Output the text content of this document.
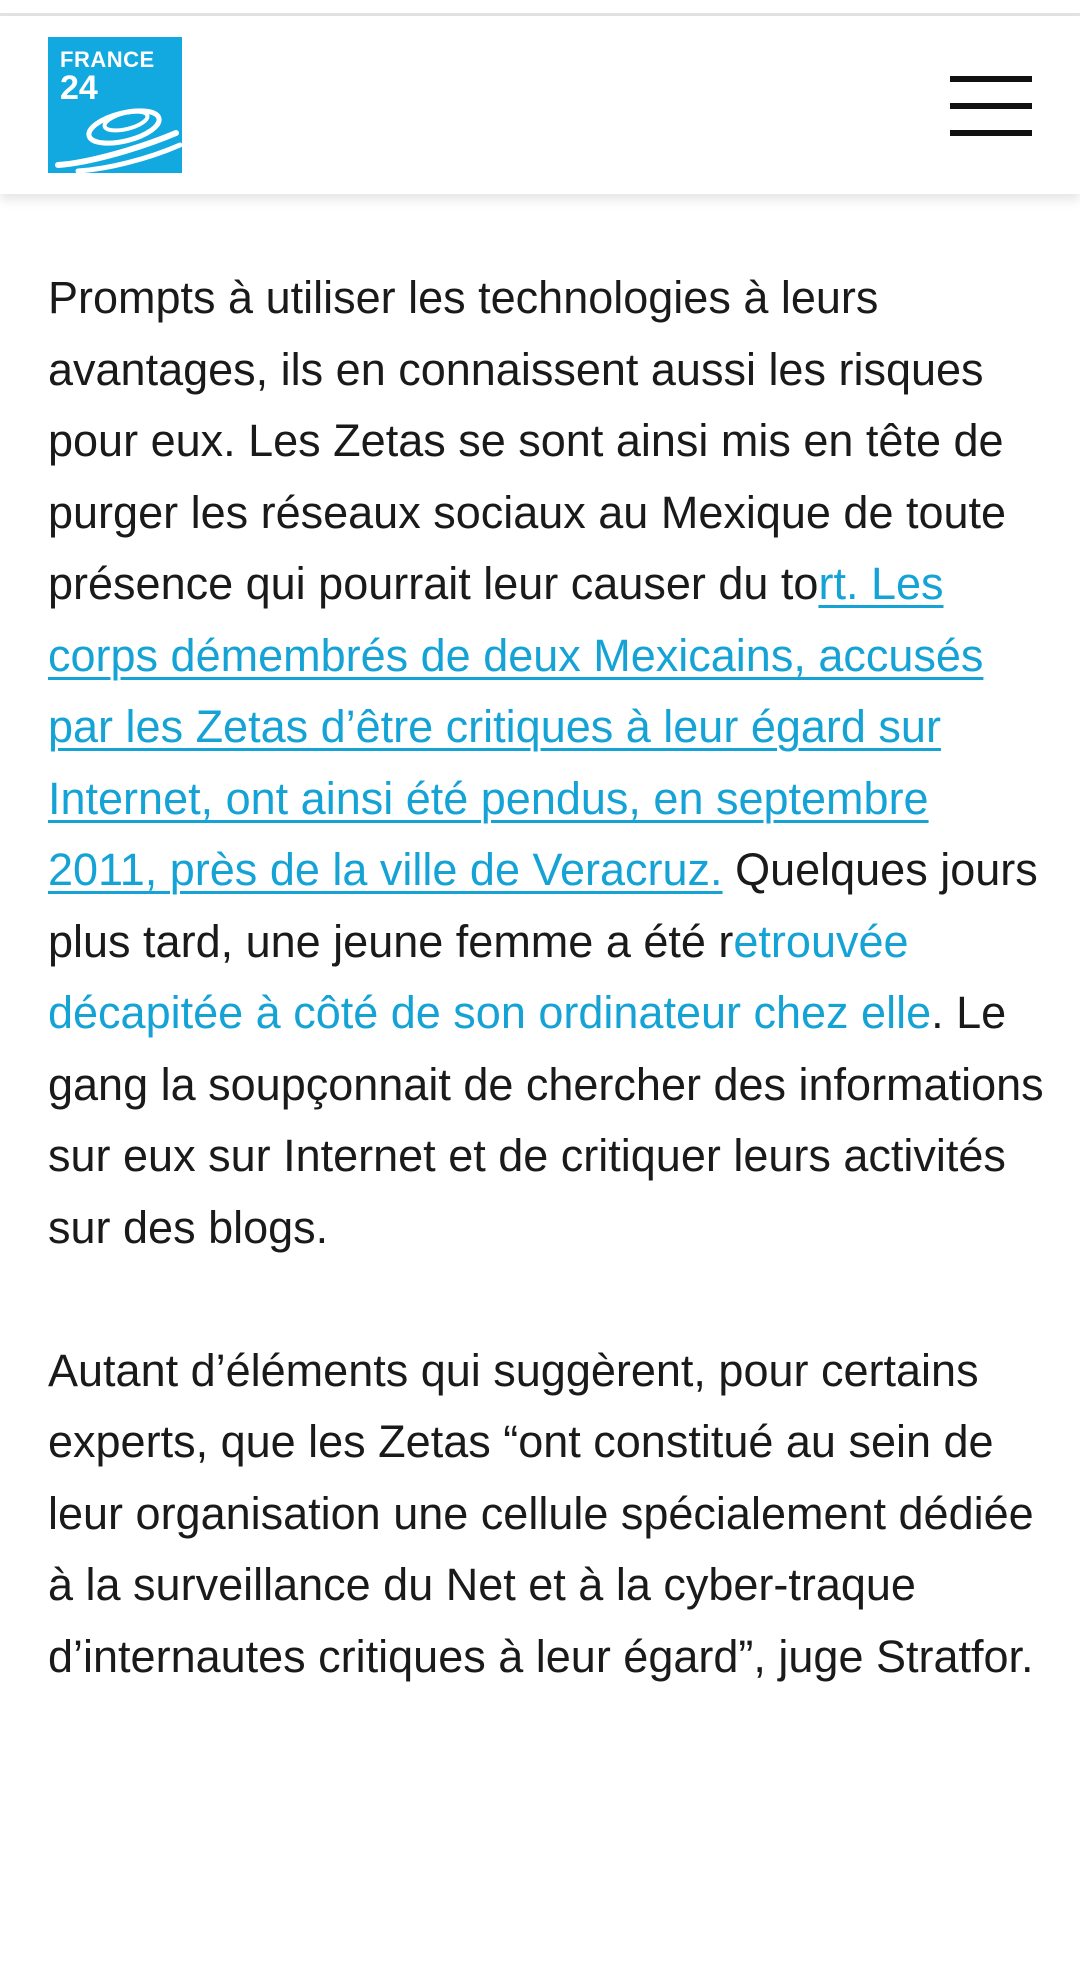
FRANCE
24

Prompts à utiliser les technologies à leurs avantages, ils en connaissent aussi les risques pour eux. Les Zetas se sont ainsi mis en tête de purger les réseaux sociaux au Mexique de toute présence qui pourrait leur causer du tort. Les corps démembrés de deux Mexicains, accusés par les Zetas d’être critiques à leur égard sur Internet, ont ainsi été pendus, en septembre 2011, près de la ville de Veracruz. Quelques jours plus tard, une jeune femme a été retrouvée décapitée à côté de son ordinateur chez elle. Le gang la soupçonnait de chercher des informations sur eux sur Internet et de critiquer leurs activités sur des blogs.

Autant d’éléments qui suggèrent, pour certains experts, que les Zetas “ont constitué au sein de leur organisation une cellule spécialement dédiée à la surveillance du Net et à la cyber-traque d’internautes critiques à leur égard”, juge Stratfor.
